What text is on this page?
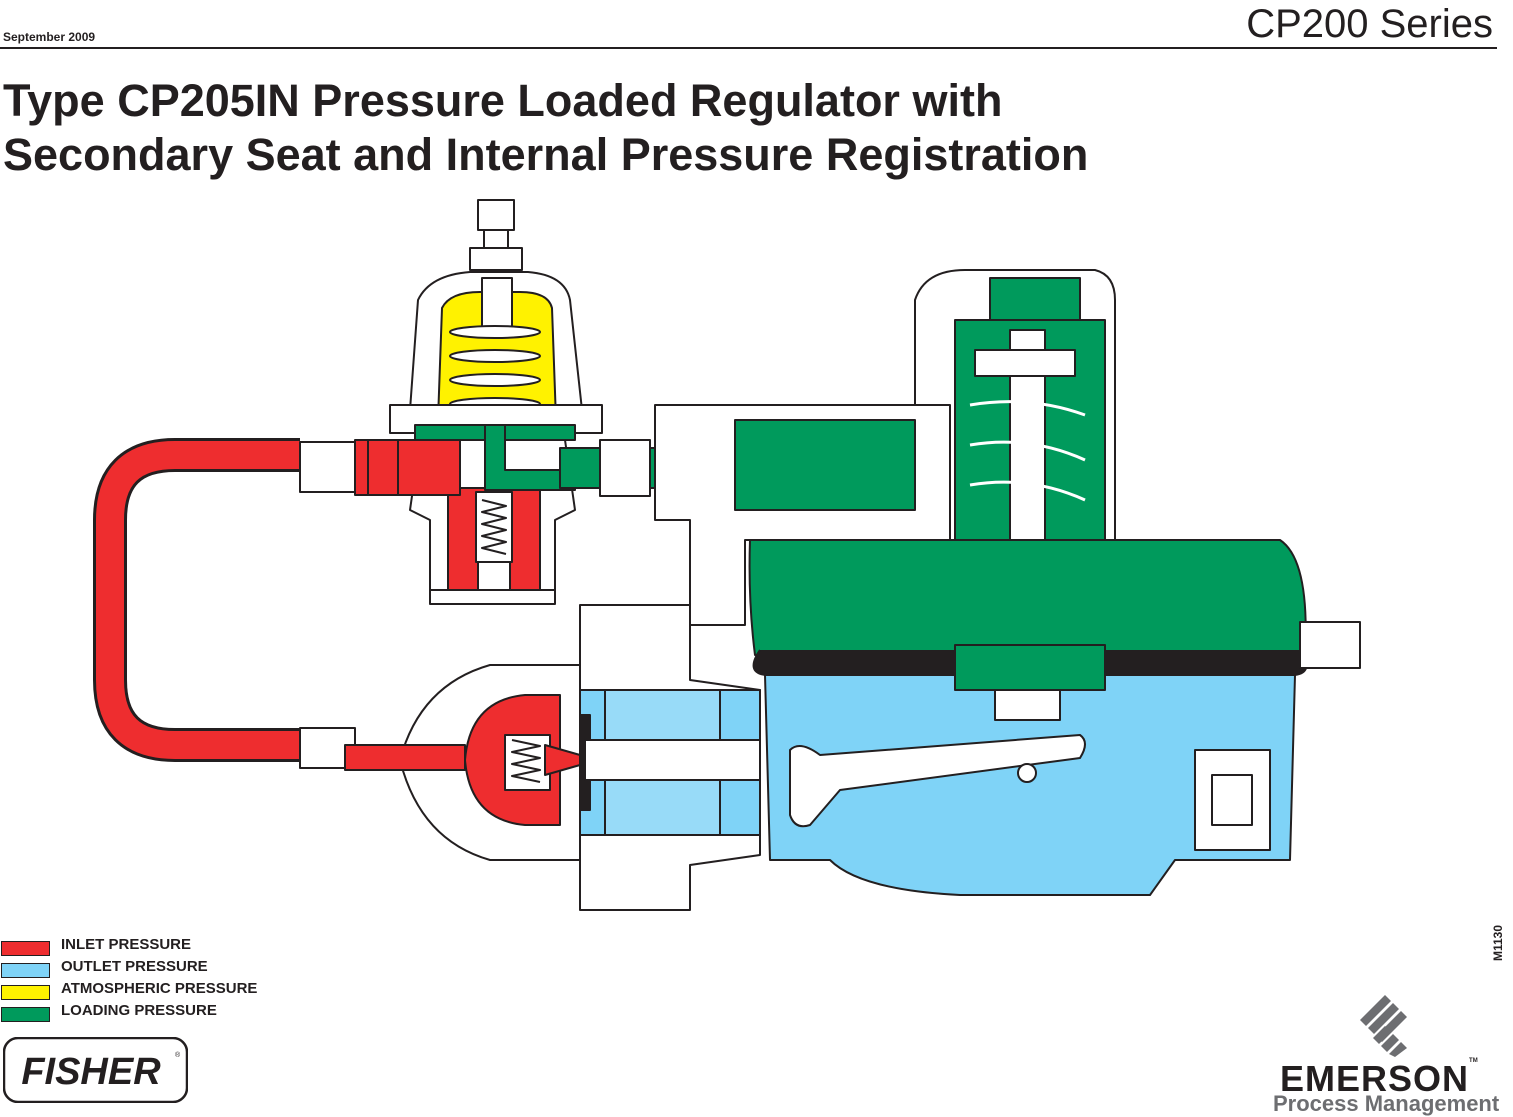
September 2009	CP200 Series
Type CP205IN Pressure Loaded Regulator with
Secondary Seat and Internal Pressure Registration
M1130
INLET PRESSURE
OUTLET PRESSURE
ATMOSPHERIC PRESSURE
LOADING PRESSURE
FISHER ®
EMERSON™
Process Management
